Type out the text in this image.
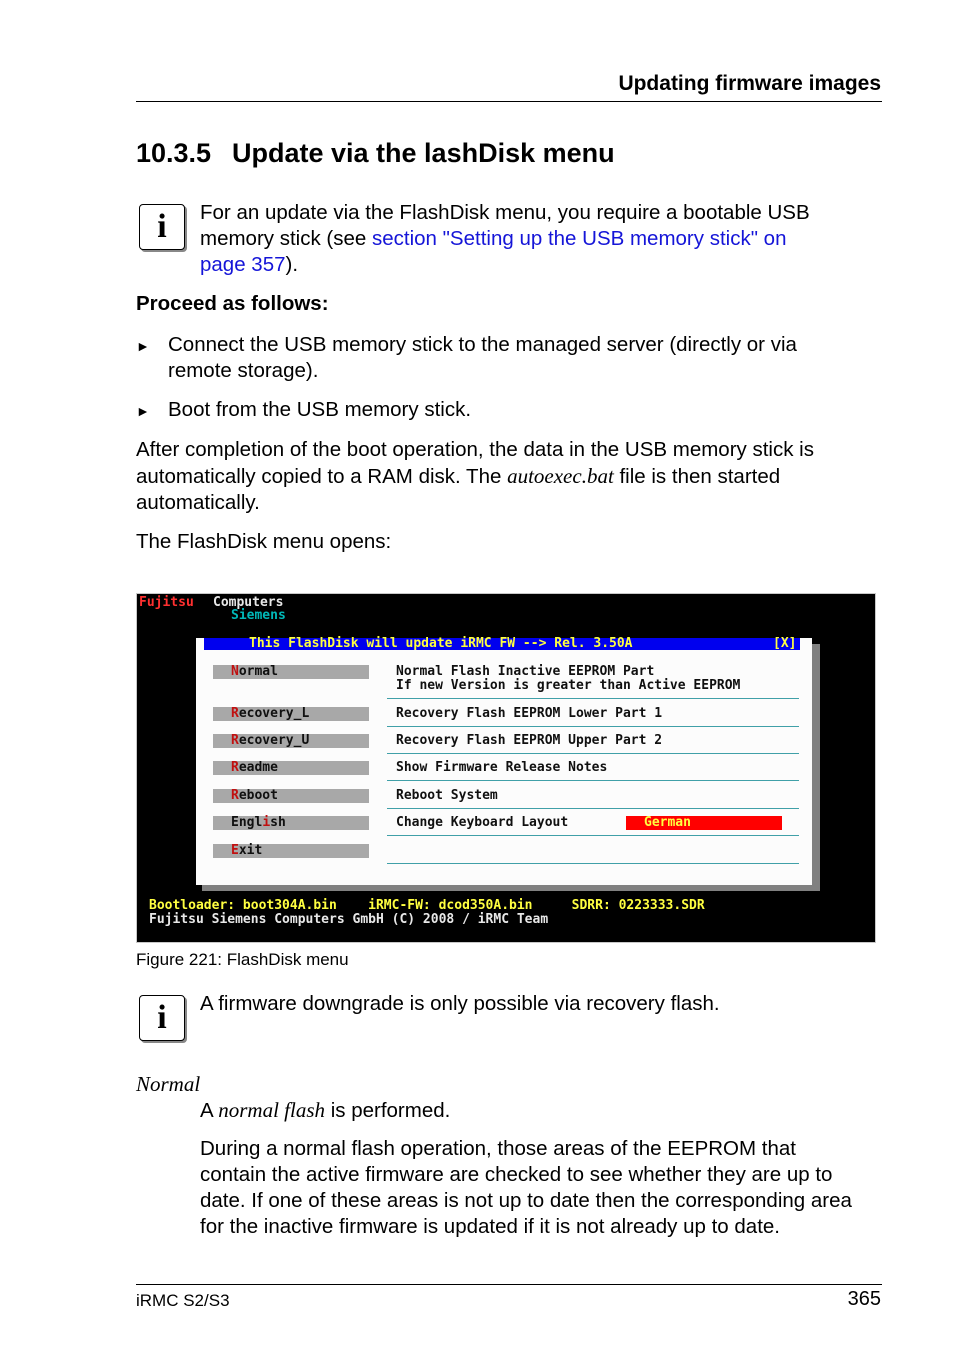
Updating firmware images
10.3.5 Update via the lashDisk menu
i	For an update via the FlashDisk menu, you require a bootable USB
memory stick (see section "Setting up the USB memory stick" on
page 357).
Proceed as follows:
► Connect the USB memory stick to the managed server (directly or via
remote storage).
► Boot from the USB memory stick.
After completion of the boot operation, the data in the USB memory stick is
automatically copied to a RAM disk. The autoexec.bat file is then started
automatically.
The FlashDisk menu opens:
Fujitsu Computers
Siemens
This FlashDisk will update iRMC FW --> Rel. 3.50A	[X]
Normal	Normal Flash Inactive EEPROM Part
If new Version is greater than Active EEPROM
Recovery_L	Recovery Flash EEPROM Lower Part 1
Recovery_U	Recovery Flash EEPROM Upper Part 2
Readme	Show Firmware Release Notes
Reboot	Reboot System
English	Change Keyboard Layout	German
Exit
Bootloader: boot304A.bin    iRMC-FW: dcod350A.bin     SDRR: 0223333.SDR
Fujitsu Siemens Computers GmbH (C) 2008 / iRMC Team
Figure 221: FlashDisk menu
i	A firmware downgrade is only possible via recovery flash.
Normal
A normal flash is performed.
During a normal flash operation, those areas of the EEPROM that
contain the active firmware are checked to see whether they are up to
date. If one of these areas is not up to date then the corresponding area
for the inactive firmware is updated if it is not already up to date.
iRMC S2/S3	365
